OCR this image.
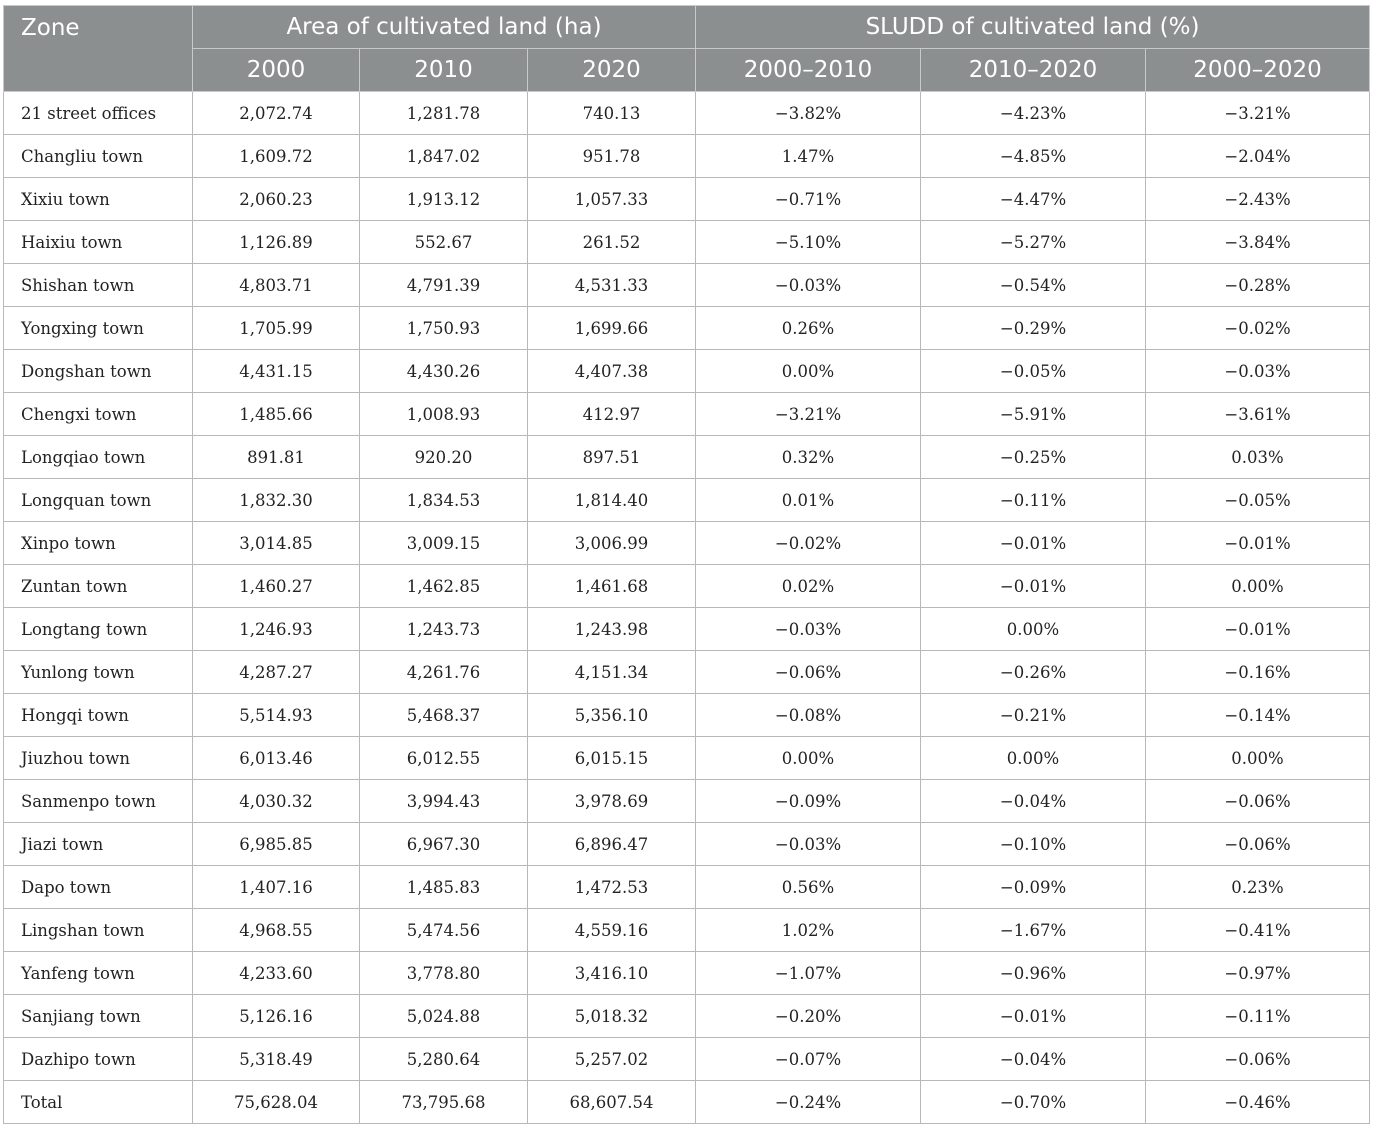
Zone	Area of cultivated land (ha)			SLUDD of cultivated land (%)		
	2000	2010	2020	2000–2010	2010–2020	2000–2020
21 street offices	2,072.74	1,281.78	740.13	−3.82%	−4.23%	−3.21%
Changliu town	1,609.72	1,847.02	951.78	1.47%	−4.85%	−2.04%
Xixiu town	2,060.23	1,913.12	1,057.33	−0.71%	−4.47%	−2.43%
Haixiu town	1,126.89	552.67	261.52	−5.10%	−5.27%	−3.84%
Shishan town	4,803.71	4,791.39	4,531.33	−0.03%	−0.54%	−0.28%
Yongxing town	1,705.99	1,750.93	1,699.66	0.26%	−0.29%	−0.02%
Dongshan town	4,431.15	4,430.26	4,407.38	0.00%	−0.05%	−0.03%
Chengxi town	1,485.66	1,008.93	412.97	−3.21%	−5.91%	−3.61%
Longqiao town	891.81	920.20	897.51	0.32%	−0.25%	0.03%
Longquan town	1,832.30	1,834.53	1,814.40	0.01%	−0.11%	−0.05%
Xinpo town	3,014.85	3,009.15	3,006.99	−0.02%	−0.01%	−0.01%
Zuntan town	1,460.27	1,462.85	1,461.68	0.02%	−0.01%	0.00%
Longtang town	1,246.93	1,243.73	1,243.98	−0.03%	0.00%	−0.01%
Yunlong town	4,287.27	4,261.76	4,151.34	−0.06%	−0.26%	−0.16%
Hongqi town	5,514.93	5,468.37	5,356.10	−0.08%	−0.21%	−0.14%
Jiuzhou town	6,013.46	6,012.55	6,015.15	0.00%	0.00%	0.00%
Sanmenpo town	4,030.32	3,994.43	3,978.69	−0.09%	−0.04%	−0.06%
Jiazi town	6,985.85	6,967.30	6,896.47	−0.03%	−0.10%	−0.06%
Dapo town	1,407.16	1,485.83	1,472.53	0.56%	−0.09%	0.23%
Lingshan town	4,968.55	5,474.56	4,559.16	1.02%	−1.67%	−0.41%
Yanfeng town	4,233.60	3,778.80	3,416.10	−1.07%	−0.96%	−0.97%
Sanjiang town	5,126.16	5,024.88	5,018.32	−0.20%	−0.01%	−0.11%
Dazhipo town	5,318.49	5,280.64	5,257.02	−0.07%	−0.04%	−0.06%
Total	75,628.04	73,795.68	68,607.54	−0.24%	−0.70%	−0.46%
